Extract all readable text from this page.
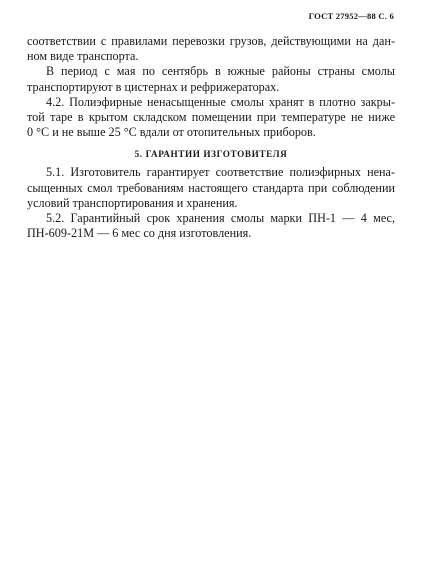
ГОСТ 27952—88 С. 6
соответствии с правилами перевозки грузов, действующими на дан-
ном виде транспорта.
В период с мая по сентябрь в южные районы страны смолы
транспортируют в цистернах и рефрижераторах.
4.2. Полиэфирные ненасыщенные смолы хранят в плотно закры-
той таре в крытом складском помещении при температуре не ниже
0 °С и не выше 25 °С вдали от отопительных приборов.
5. ГАРАНТИИ ИЗГОТОВИТЕЛЯ
5.1. Изготовитель гарантирует соответствие полиэфирных нена-
сыщенных смол требованиям настоящего стандарта при соблюдении
условий транспортирования и хранения.
5.2. Гарантийный срок хранения смолы марки ПН-1 — 4 мес,
ПН-609-21М — 6 мес со дня изготовления.
